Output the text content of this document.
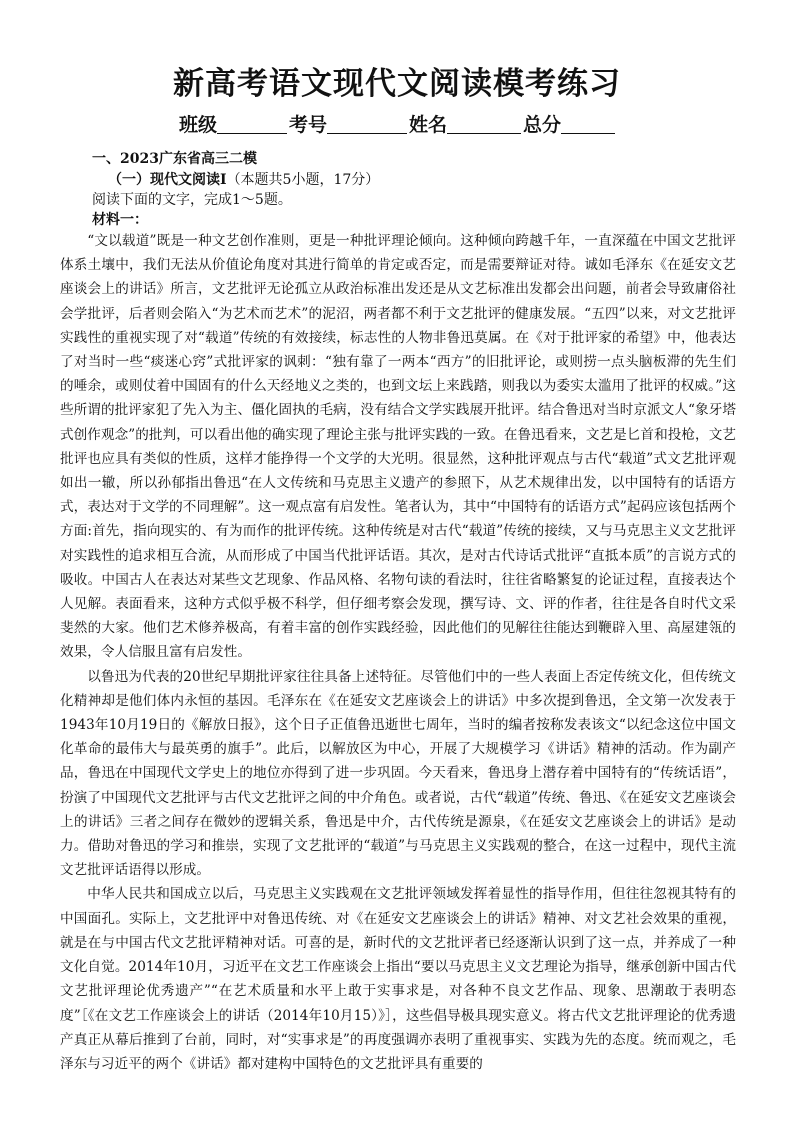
新高考语文现代文阅读模考练习
班级	考号	姓名	总分
一、2023广东省高三二模
（一）现代文阅读Ⅰ（本题共5小题，17分）
阅读下面的文字，完成1～5题。
材料一：

“文以载道”既是一种文艺创作准则，更是一种批评理论倾向。这种倾向跨越千年，一直深蕴在中国文艺批评体系土壤中，我们无法从价值论角度对其进行简单的肯定或否定，而是需要辩证对待。诚如毛泽东《在延安文艺座谈会上的讲话》所言，文艺批评无论孤立从政治标准出发还是从文艺标准出发都会出问题，前者会导致庸俗社会学批评，后者则会陷入“为艺术而艺术”的泥沼，两者都不利于文艺批评的健康发展。“五四”以来，对文艺批评实践性的重视实现了对“载道”传统的有效接续，标志性的人物非鲁迅莫属。在《对于批评家的希望》中，他表达了对当时一些“痰迷心窍”式批评家的讽刺：“独有靠了一两本“西方”的旧批评论，或则捞一点头脑板滞的先生们的唾余，或则仗着中国固有的什么天经地义之类的，也到文坛上来践踏，则我以为委实太滥用了批评的权威。”这些所谓的批评家犯了先入为主、僵化固执的毛病，没有结合文学实践展开批评。结合鲁迅对当时京派文人“象牙塔式创作观念”的批判，可以看出他的确实现了理论主张与批评实践的一致。在鲁迅看来，文艺是匕首和投枪，文艺批评也应具有类似的性质，这样才能挣得一个文学的大光明。很显然，这种批评观点与古代“载道”式文艺批评观如出一辙，所以孙郁指出鲁迅“在人文传统和马克思主义遗产的参照下，从艺术规律出发，以中国特有的话语方式，表达对于文学的不同理解”。这一观点富有启发性。笔者认为，其中“中国特有的话语方式”起码应该包括两个方面:首先，指向现实的、有为而作的批评传统。这种传统是对古代“载道”传统的接续，又与马克思主义文艺批评对实践性的追求相互合流，从而形成了中国当代批评话语。其次，是对古代诗话式批评“直抵本质”的言说方式的吸收。中国古人在表达对某些文艺现象、作品风格、名物句读的看法时，往往省略繁复的论证过程，直接表达个人见解。表面看来，这种方式似乎极不科学，但仔细考察会发现，撰写诗、文、评的作者，往往是各自时代文采斐然的大家。他们艺术修养极高，有着丰富的创作实践经验，因此他们的见解往往能达到鞭辟入里、高屋建瓴的效果，令人信服且富有启发性。

以鲁迅为代表的20世纪早期批评家往往具备上述特征。尽管他们中的一些人表面上否定传统文化，但传统文化精神却是他们体内永恒的基因。毛泽东在《在延安文艺座谈会上的讲话》中多次提到鲁迅，全文第一次发表于1943年10月19日的《解放日报》，这个日子正值鲁迅逝世七周年，当时的编者按称发表该文“以纪念这位中国文化革命的最伟大与最英勇的旗手”。此后，以解放区为中心，开展了大规模学习《讲话》精神的活动。作为副产品，鲁迅在中国现代文学史上的地位亦得到了进一步巩固。今天看来，鲁迅身上潜存着中国特有的“传统话语”，扮演了中国现代文艺批评与古代文艺批评之间的中介角色。或者说，古代“载道”传统、鲁迅、《在延安文艺座谈会上的讲话》三者之间存在微妙的逻辑关系，鲁迅是中介，古代传统是源泉，《在延安文艺座谈会上的讲话》是动力。借助对鲁迅的学习和推崇，实现了文艺批评的“载道”与马克思主义实践观的整合，在这一过程中，现代主流文艺批评话语得以形成。

中华人民共和国成立以后，马克思主义实践观在文艺批评领域发挥着显性的指导作用，但往往忽视其特有的中国面孔。实际上，文艺批评中对鲁迅传统、对《在延安文艺座谈会上的讲话》精神、对文艺社会效果的重视，就是在与中国古代文艺批评精神对话。可喜的是，新时代的文艺批评者已经逐渐认识到了这一点，并养成了一种文化自觉。2014年10月，习近平在文艺工作座谈会上指出“要以马克思主义文艺理论为指导，继承创新中国古代文艺批评理论优秀遗产”“在艺术质量和水平上敢于实事求是，对各种不良文艺作品、现象、思潮敢于表明态度”［《在文艺工作座谈会上的讲话（2014年10月15）》］，这些倡导极具现实意义。将古代文艺批评理论的优秀遗产真正从幕后推到了台前，同时，对“实事求是”的再度强调亦表明了重视事实、实践为先的态度。统而观之，毛泽东与习近平的两个《讲话》都对建构中国特色的文艺批评具有重要的
